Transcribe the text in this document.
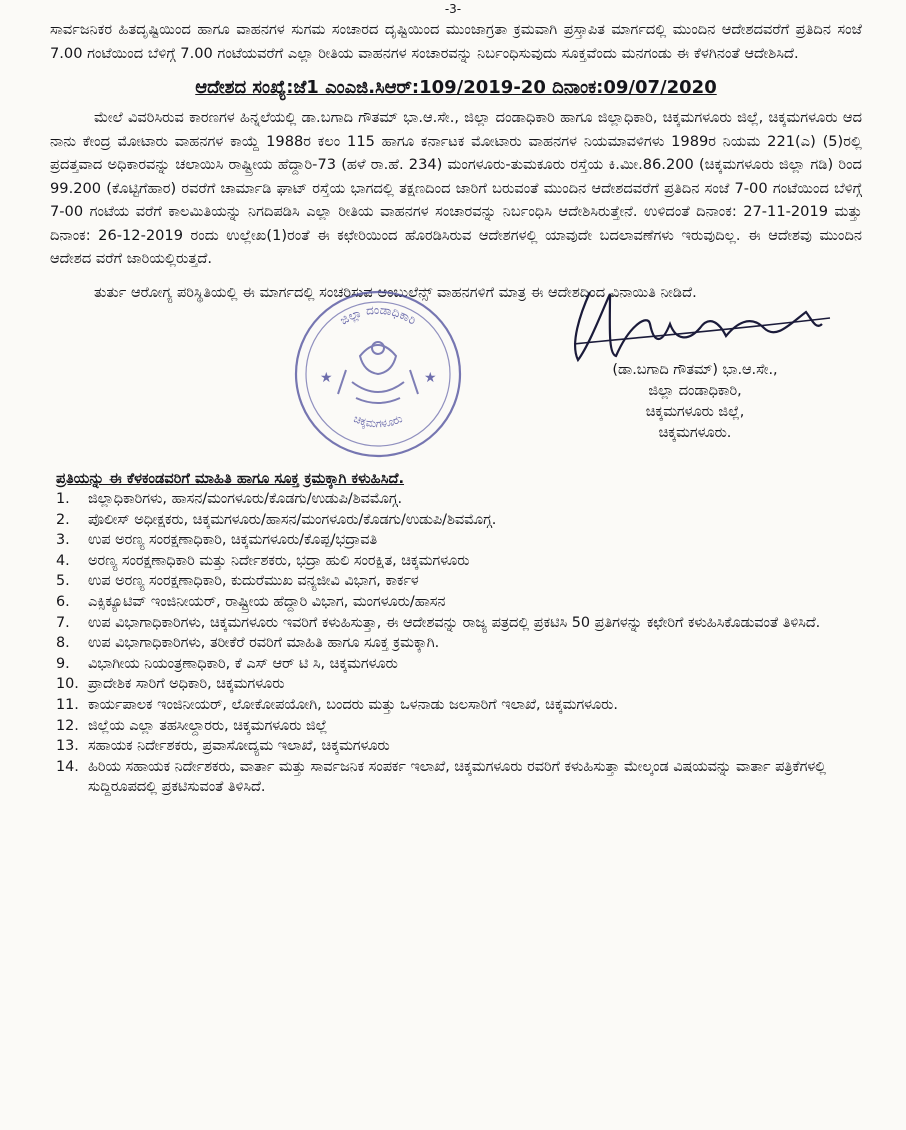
-3-

ಸಾರ್ವಜನಿಕರ ಹಿತದೃಷ್ಟಿಯಿಂದ ಹಾಗೂ ವಾಹನಗಳ ಸುಗಮ ಸಂಚಾರದ ದೃಷ್ಟಿಯಿಂದ ಮುಂಜಾಗ್ರತಾ ಕ್ರಮವಾಗಿ ಪ್ರಸ್ತಾಪಿತ ಮಾರ್ಗದಲ್ಲಿ ಮುಂದಿನ ಆದೇಶದವರೆಗೆ ಪ್ರತಿದಿನ ಸಂಜೆ 7.00 ಗಂಟೆಯಿಂದ ಬೆಳಿಗ್ಗೆ 7.00 ಗಂಟೆಯವರೆಗೆ ಎಲ್ಲಾ ರೀತಿಯ ವಾಹನಗಳ ಸಂಚಾರವನ್ನು ನಿರ್ಬಂಧಿಸುವುದು ಸೂಕ್ತವೆಂದು ಮನಗಂಡು ಈ ಕೆಳಗಿನಂತೆ ಆದೇಶಿಸಿದೆ.

ಆದೇಶದ ಸಂಖ್ಯೆ:ಜೆ1 ಎಂಎಜಿ.ಸಿಆರ್:109/2019-20 ದಿನಾಂಕ:09/07/2020

ಮೇಲೆ ವಿವರಿಸಿರುವ ಕಾರಣಗಳ ಹಿನ್ನಲೆಯಲ್ಲಿ ಡಾ.ಬಗಾದಿ ಗೌತಮ್ ಭಾ.ಆ.ಸೇ., ಜಿಲ್ಲಾ ದಂಡಾಧಿಕಾರಿ ಹಾಗೂ ಜಿಲ್ಲಾಧಿಕಾರಿ, ಚಿಕ್ಕಮಗಳೂರು ಜಿಲ್ಲೆ, ಚಿಕ್ಕಮಗಳೂರು ಆದ ನಾನು ಕೇಂದ್ರ ಮೋಟಾರು ವಾಹನಗಳ ಕಾಯ್ದೆ 1988ರ ಕಲಂ 115 ಹಾಗೂ ಕರ್ನಾಟಕ ಮೋಟಾರು ವಾಹನಗಳ ನಿಯಮಾವಳಿಗಳು 1989ರ ನಿಯಮ 221(ಎ) (5)ರಲ್ಲಿ ಪ್ರದತ್ತವಾದ ಅಧಿಕಾರವನ್ನು ಚಲಾಯಿಸಿ ರಾಷ್ಟ್ರೀಯ ಹೆದ್ದಾರಿ-73 (ಹಳೆ ರಾ.ಹೆ. 234) ಮಂಗಳೂರು-ತುಮಕೂರು ರಸ್ತೆಯ ಕಿ.ಮೀ.86.200 (ಚಿಕ್ಕಮಗಳೂರು ಜಿಲ್ಲಾ ಗಡಿ) ರಿಂದ 99.200 (ಕೊಟ್ಟಿಗೆಹಾರ) ರವರೆಗೆ ಚಾರ್ಮಾಡಿ ಘಾಟ್ ರಸ್ತೆಯ ಭಾಗದಲ್ಲಿ ತಕ್ಷಣದಿಂದ ಜಾರಿಗೆ ಬರುವಂತೆ ಮುಂದಿನ ಆದೇಶದವರೆಗೆ ಪ್ರತಿದಿನ ಸಂಜೆ 7-00 ಗಂಟೆಯಿಂದ ಬೆಳಿಗ್ಗೆ 7-00 ಗಂಟೆಯ ವರೆಗೆ ಕಾಲಮಿತಿಯನ್ನು ನಿಗದಿಪಡಿಸಿ ಎಲ್ಲಾ ರೀತಿಯ ವಾಹನಗಳ ಸಂಚಾರವನ್ನು ನಿರ್ಬಂಧಿಸಿ ಆದೇಶಿಸಿರುತ್ತೇನೆ. ಉಳಿದಂತೆ ದಿನಾಂಕ: 27-11-2019 ಮತ್ತು ದಿನಾಂಕ: 26-12-2019 ರಂದು ಉಲ್ಲೇಖ(1)ರಂತೆ ಈ ಕಛೇರಿಯಿಂದ ಹೊರಡಿಸಿರುವ ಆದೇಶಗಳಲ್ಲಿ ಯಾವುದೇ ಬದಲಾವಣೆಗಳು ಇರುವುದಿಲ್ಲ. ಈ ಆದೇಶವು ಮುಂದಿನ ಆದೇಶದ ವರೆಗೆ ಜಾರಿಯಲ್ಲಿರುತ್ತದೆ.

ತುರ್ತು ಆರೋಗ್ಯ ಪರಿಸ್ಥಿತಿಯಲ್ಲಿ ಈ ಮಾರ್ಗದಲ್ಲಿ ಸಂಚರಿಸುವ ಆಂಬುಲೆನ್ಸ್ ವಾಹನಗಳಿಗೆ ಮಾತ್ರ ಈ ಆದೇಶದಿಂದ ವಿನಾಯಿತಿ ನೀಡಿದೆ.

ಜಿಲ್ಲಾ ದಂಡಾಧಿಕಾರಿ
ಚಿಕ್ಕಮಗಳೂರು
★	★	(ಡಾ.ಬಗಾದಿ ಗೌತಮ್) ಭಾ.ಆ.ಸೇ.,
ಜಿಲ್ಲಾ ದಂಡಾಧಿಕಾರಿ,
ಚಿಕ್ಕಮಗಳೂರು ಜಿಲ್ಲೆ,
ಚಿಕ್ಕಮಗಳೂರು.
ಪ್ರತಿಯನ್ನು ಈ ಕೆಳಕಂಡವರಿಗೆ ಮಾಹಿತಿ ಹಾಗೂ ಸೂಕ್ತ ಕ್ರಮಕ್ಕಾಗಿ ಕಳುಹಿಸಿದೆ.
1.	ಜಿಲ್ಲಾಧಿಕಾರಿಗಳು, ಹಾಸನ/ಮಂಗಳೂರು/ಕೊಡಗು/ಉಡುಪಿ/ಶಿವಮೊಗ್ಗ.
2.	ಪೊಲೀಸ್ ಅಧೀಕ್ಷಕರು, ಚಿಕ್ಕಮಗಳೂರು/ಹಾಸನ/ಮಂಗಳೂರು/ಕೊಡಗು/ಉಡುಪಿ/ಶಿವಮೊಗ್ಗ.
3.	ಉಪ ಅರಣ್ಯ ಸಂರಕ್ಷಣಾಧಿಕಾರಿ, ಚಿಕ್ಕಮಗಳೂರು/ಕೊಪ್ಪ/ಭದ್ರಾವತಿ
4.	ಅರಣ್ಯ ಸಂರಕ್ಷಣಾಧಿಕಾರಿ ಮತ್ತು ನಿರ್ದೇಶಕರು, ಭದ್ರಾ ಹುಲಿ ಸಂರಕ್ಷಿತ, ಚಿಕ್ಕಮಗಳೂರು
5.	ಉಪ ಅರಣ್ಯ ಸಂರಕ್ಷಣಾಧಿಕಾರಿ, ಕುದುರೆಮುಖ ವನ್ಯಜೀವಿ ವಿಭಾಗ, ಕಾರ್ಕಳ
6.	ಎಕ್ಸಿಕ್ಯೂಟಿವ್ ಇಂಜಿನೀಯರ್, ರಾಷ್ಟ್ರೀಯ ಹೆದ್ದಾರಿ ವಿಭಾಗ, ಮಂಗಳೂರು/ಹಾಸನ
7.	ಉಪ ವಿಭಾಗಾಧಿಕಾರಿಗಳು, ಚಿಕ್ಕಮಗಳೂರು ಇವರಿಗೆ ಕಳುಹಿಸುತ್ತಾ, ಈ ಆದೇಶವನ್ನು ರಾಜ್ಯ ಪತ್ರದಲ್ಲಿ ಪ್ರಕಟಿಸಿ 50 ಪ್ರತಿಗಳನ್ನು ಕಛೇರಿಗೆ ಕಳುಹಿಸಿಕೊಡುವಂತೆ ತಿಳಿಸಿದೆ.
8.	ಉಪ ವಿಭಾಗಾಧಿಕಾರಿಗಳು, ತರೀಕೆರೆ ರವರಿಗೆ ಮಾಹಿತಿ ಹಾಗೂ ಸೂಕ್ತ ಕ್ರಮಕ್ಕಾಗಿ.
9.	ವಿಭಾಗೀಯ ನಿಯಂತ್ರಣಾಧಿಕಾರಿ, ಕೆ ಎಸ್ ಆರ್ ಟಿ ಸಿ, ಚಿಕ್ಕಮಗಳೂರು
10. ಪ್ರಾದೇಶಿಕ ಸಾರಿಗೆ ಅಧಿಕಾರಿ, ಚಿಕ್ಕಮಗಳೂರು
11. ಕಾರ್ಯಪಾಲಕ ಇಂಜಿನೀಯರ್, ಲೋಕೋಪಯೋಗಿ, ಬಂದರು ಮತ್ತು ಒಳನಾಡು ಜಲಸಾರಿಗೆ ಇಲಾಖೆ, ಚಿಕ್ಕಮಗಳೂರು.
12. ಜಿಲ್ಲೆಯ ಎಲ್ಲಾ ತಹಸೀಲ್ದಾರರು, ಚಿಕ್ಕಮಗಳೂರು ಜಿಲ್ಲೆ
13. ಸಹಾಯಕ ನಿರ್ದೇಶಕರು, ಪ್ರವಾಸೋದ್ಯಮ ಇಲಾಖೆ, ಚಿಕ್ಕಮಗಳೂರು
14. ಹಿರಿಯ ಸಹಾಯಕ ನಿರ್ದೇಶಕರು, ವಾರ್ತಾ ಮತ್ತು ಸಾರ್ವಜನಿಕ ಸಂಪರ್ಕ ಇಲಾಖೆ, ಚಿಕ್ಕಮಗಳೂರು ರವರಿಗೆ ಕಳುಹಿಸುತ್ತಾ ಮೇಲ್ಕಂಡ ವಿಷಯವನ್ನು ವಾರ್ತಾ ಪತ್ರಿಕೆಗಳಲ್ಲಿ ಸುದ್ದಿರೂಪದಲ್ಲಿ ಪ್ರಕಟಿಸುವಂತೆ ತಿಳಿಸಿದೆ.
